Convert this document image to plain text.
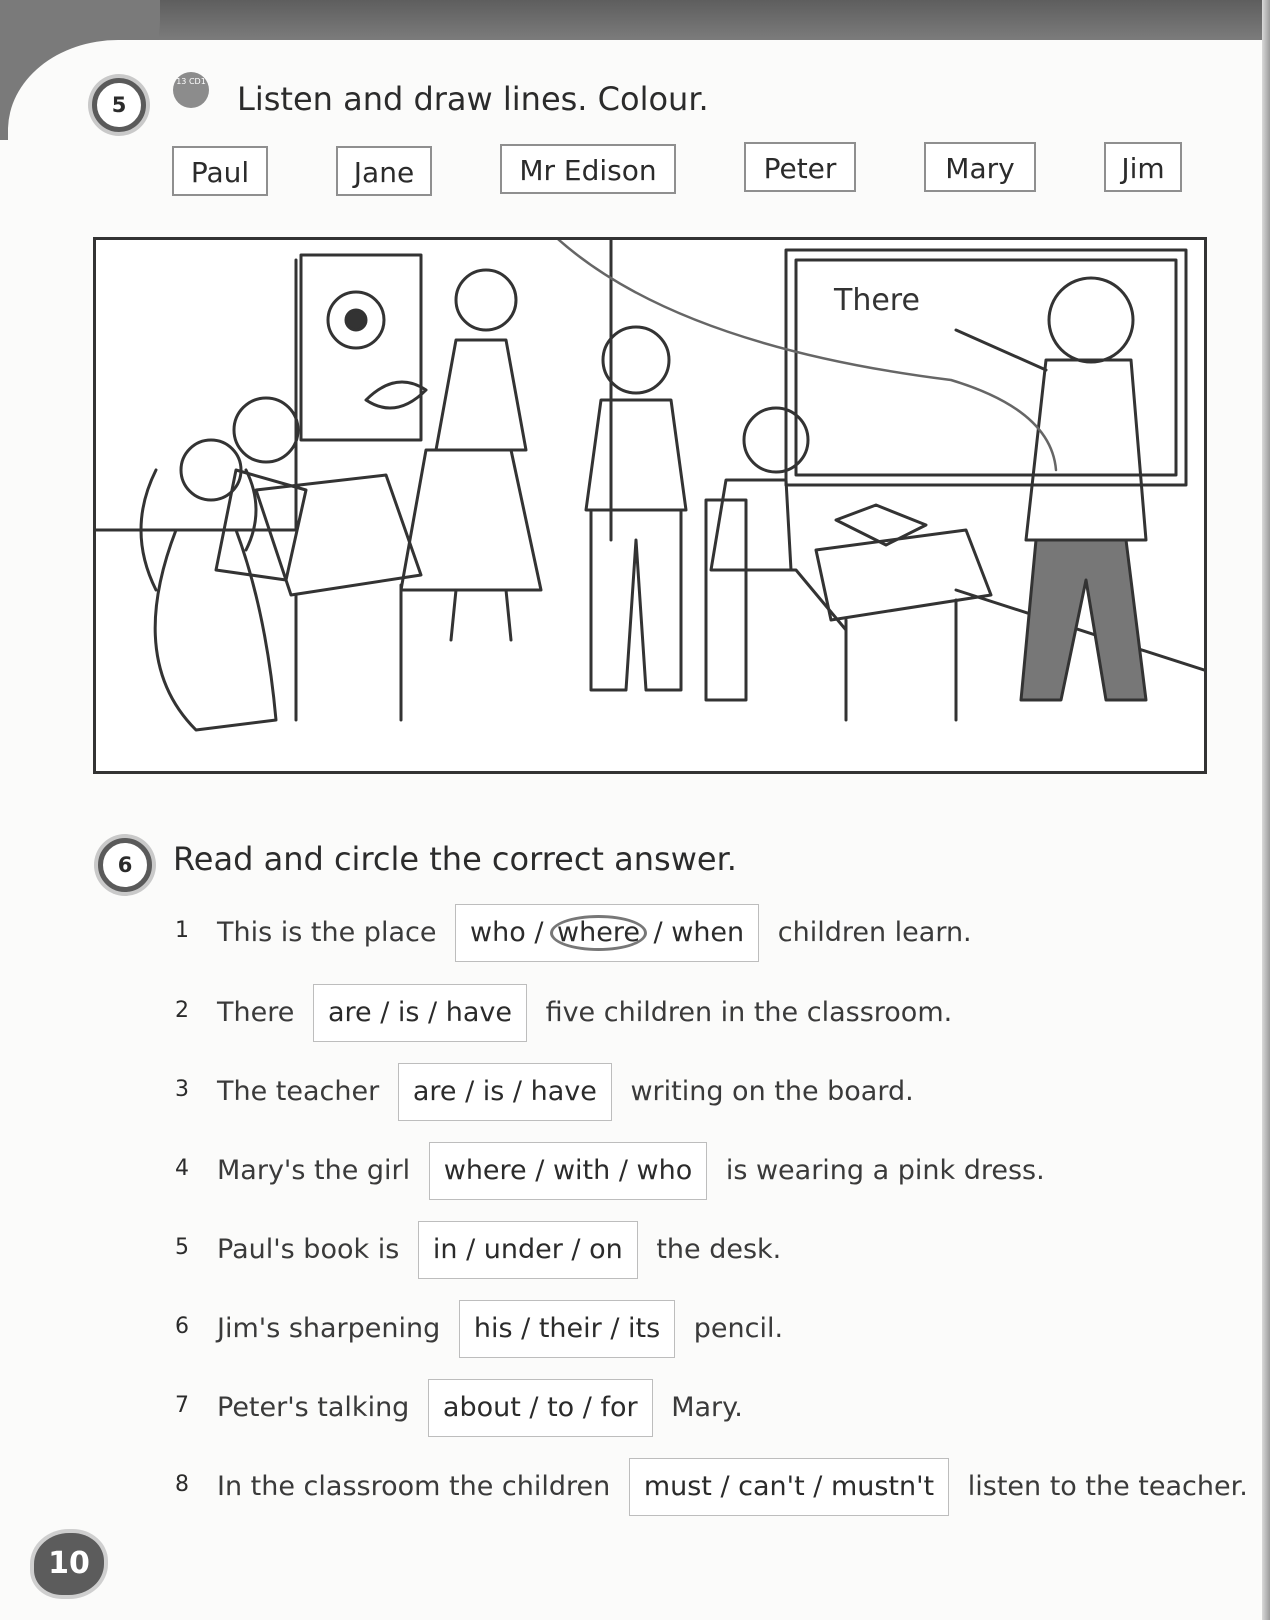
5
13 CD1 Listen and draw lines. Colour.
Paul	Jane	Mr Edison	Peter	Mary	Jim
There
6	Read and circle the correct answer.
1 This is the place who / where / when children learn.
2 There are / is / have five children in the classroom.
3 The teacher are / is / have writing on the board.
4 Mary's the girl where / with / who is wearing a pink dress.
5 Paul's book is in / under / on the desk.
6 Jim's sharpening his / their / its pencil.
7 Peter's talking about / to / for Mary.
8 In the classroom the children must / can't / mustn't listen to the teacher.
10
